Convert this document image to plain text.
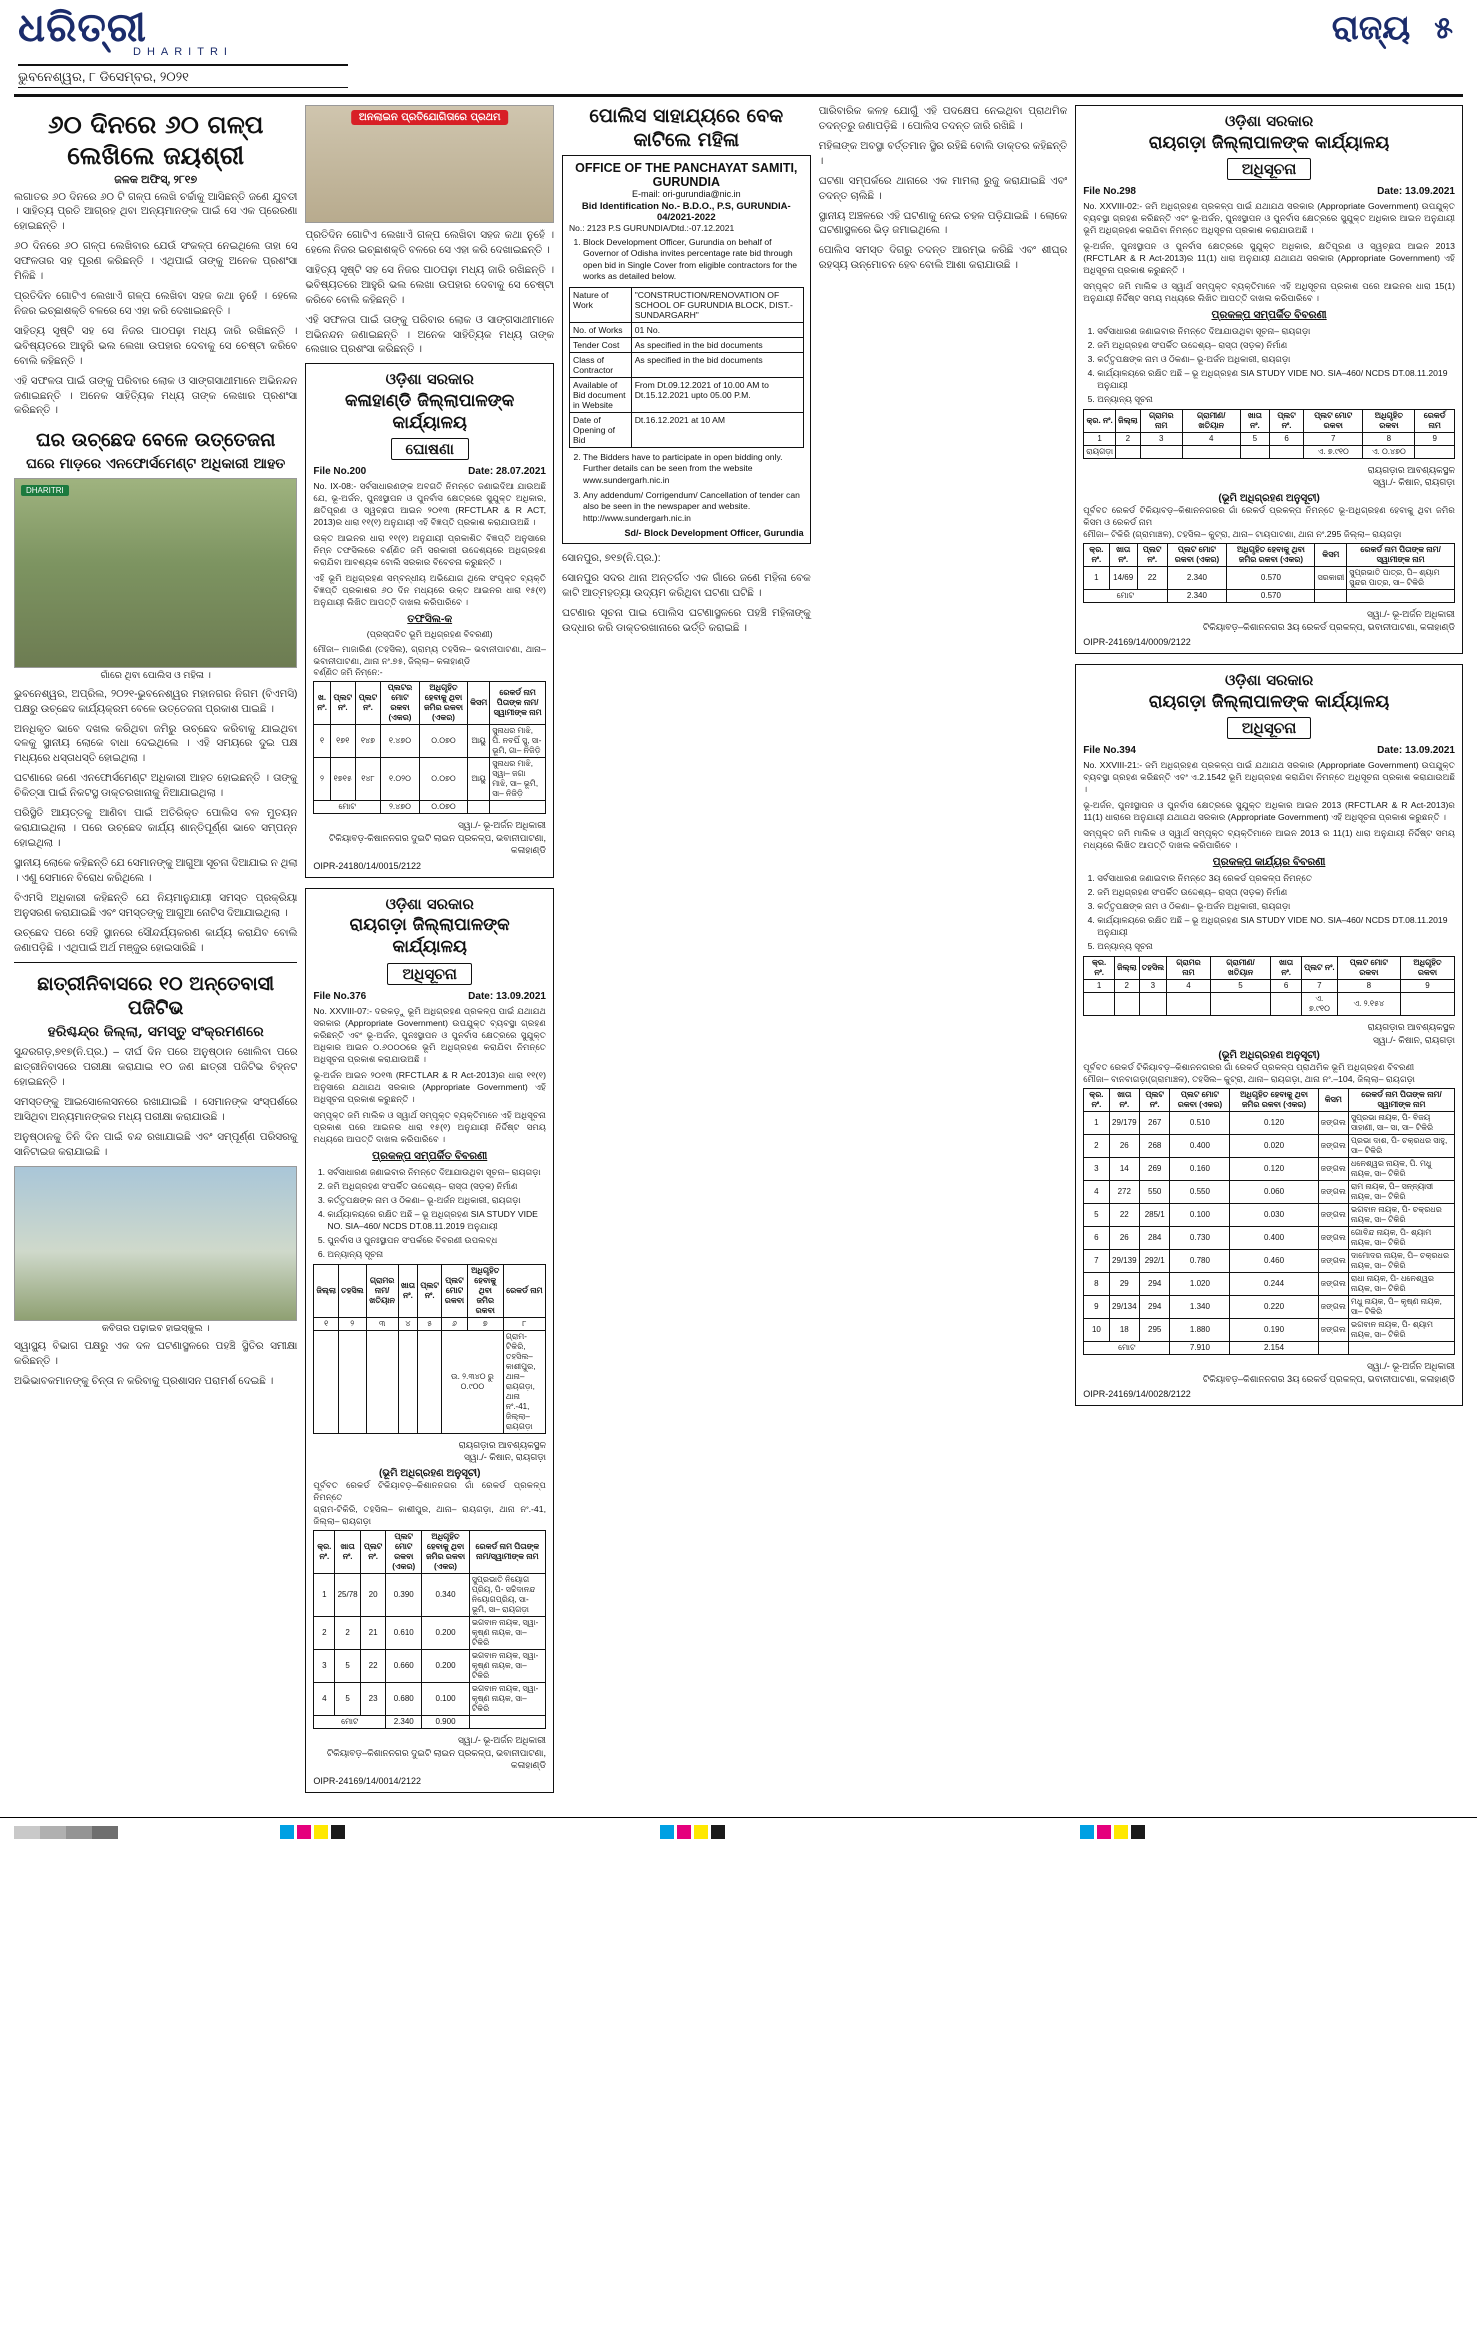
ଧରିତ୍ରୀ
DHARITRI
ଭୁବନେଶ୍ୱର, ୮ ଡିସେମ୍ବର, ୨୦୨୧
ରାଜ୍ୟ ୫
୬୦ ଦିନରେ ୬୦ ଗଳ୍ପ ଲେଖିଲେ ଜୟଶ୍ରୀ
ଜଳକ ଅଫିସ୍, ୨୮୧୭

ଲଗାତର ୬୦ ଦିନରେ ୬୦ ଟି ଗଳ୍ପ ଲେଖି ଚର୍ଚ୍ଚାକୁ ଆସିଛନ୍ତି ଜଣେ ଯୁବତୀ । ସାହିତ୍ୟ ପ୍ରତି ଆଗ୍ରହ ଥିବା ଅନ୍ୟମାନଙ୍କ ପାଇଁ ସେ ଏକ ପ୍ରେରଣା ହୋଇଛନ୍ତି ।

୬୦ ଦିନରେ ୬୦ ଗଳ୍ପ ଲେଖିବାର ଯେଉଁ ସଂକଳ୍ପ ନେଇଥିଲେ ତାହା ସେ ସଫଳତାର ସହ ପୂରଣ କରିଛନ୍ତି । ଏଥିପାଇଁ ତାଙ୍କୁ ଅନେକ ପ୍ରଶଂସା ମିଳିଛି ।

ପ୍ରତିଦିନ ଗୋଟିଏ ଲେଖାଏଁ ଗଳ୍ପ ଲେଖିବା ସହଜ କଥା ନୁହେଁ । ହେଲେ ନିଜର ଇଚ୍ଛାଶକ୍ତି ବଳରେ ସେ ଏହା କରି ଦେଖାଇଛନ୍ତି ।

ସାହିତ୍ୟ ସୃଷ୍ଟି ସହ ସେ ନିଜର ପାଠପଢ଼ା ମଧ୍ୟ ଜାରି ରଖିଛନ୍ତି । ଭବିଷ୍ୟତରେ ଆହୁରି ଭଲ ଲେଖା ଉପହାର ଦେବାକୁ ସେ ଚେଷ୍ଟା କରିବେ ବୋଲି କହିଛନ୍ତି ।

ଏହି ସଫଳତା ପାଇଁ ତାଙ୍କୁ ପରିବାର ଲୋକ ଓ ସାଙ୍ଗସାଥୀମାନେ ଅଭିନନ୍ଦନ ଜଣାଇଛନ୍ତି । ଅନେକ ସାହିତ୍ୟିକ ମଧ୍ୟ ତାଙ୍କ ଲେଖାର ପ୍ରଶଂସା କରିଛନ୍ତି ।

ଘର ଉଚ୍ଛେଦ ବେଳେ ଉତ୍ତେଜନା
ଘରେ ମାଡ଼ରେ ଏନଫୋର୍ସମେଣ୍ଟ ଅଧିକାରୀ ଆହତ
DHARITRI
ଗାଁରେ ଥିବା ପୋଲିସ ଓ ମହିଳା ।

ଭୁବନେଶ୍ୱର, ଅପ୍ରିଲ, ୨୦୨୧-ଭୁବନେଶ୍ୱର ମହାନଗର ନିଗମ (ବିଏମସି) ପକ୍ଷରୁ ଉଚ୍ଛେଦ କାର୍ଯ୍ୟକ୍ରମ ବେଳେ ଉତ୍ତେଜନା ପ୍ରକାଶ ପାଇଛି ।

ଅନଧିକୃତ ଭାବେ ଦଖଲ କରିଥିବା ଜମିରୁ ଉଚ୍ଛେଦ କରିବାକୁ ଯାଇଥିବା ଦଳକୁ ସ୍ଥାନୀୟ ଲୋକେ ବାଧା ଦେଇଥିଲେ । ଏହି ସମୟରେ ଦୁଇ ପକ୍ଷ ମଧ୍ୟରେ ଧସ୍ତାଧସ୍ତି ହୋଇଥିଲା ।

ଘଟଣାରେ ଜଣେ ଏନଫୋର୍ସମେଣ୍ଟ ଅଧିକାରୀ ଆହତ ହୋଇଛନ୍ତି । ତାଙ୍କୁ ଚିକିତ୍ସା ପାଇଁ ନିକଟସ୍ଥ ଡାକ୍ତରଖାନାକୁ ନିଆଯାଇଥିଲା ।

ପରିସ୍ଥିତି ଆୟତ୍ତକୁ ଆଣିବା ପାଇଁ ଅତିରିକ୍ତ ପୋଲିସ ବଳ ମୁତୟନ କରାଯାଇଥିଲା । ପରେ ଉଚ୍ଛେଦ କାର୍ଯ୍ୟ ଶାନ୍ତିପୂର୍ଣ୍ଣ ଭାବେ ସମ୍ପନ୍ନ ହୋଇଥିଲା ।

ସ୍ଥାନୀୟ ଲୋକେ କହିଛନ୍ତି ଯେ ସେମାନଙ୍କୁ ଆଗୁଆ ସୂଚନା ଦିଆଯାଇ ନ ଥିଲା । ଏଣୁ ସେମାନେ ବିରୋଧ କରିଥିଲେ ।

ବିଏମସି ଅଧିକାରୀ କହିଛନ୍ତି ଯେ ନିୟମାନୁଯାୟୀ ସମସ୍ତ ପ୍ରକ୍ରିୟା ଅନୁସରଣ କରାଯାଇଛି ଏବଂ ସମସ୍ତଙ୍କୁ ଆଗୁଆ ନୋଟିସ ଦିଆଯାଇଥିଲା ।

ଉଚ୍ଛେଦ ପରେ ସେହି ସ୍ଥାନରେ ସୌନ୍ଦର୍ଯ୍ୟକରଣ କାର୍ଯ୍ୟ କରାଯିବ ବୋଲି ଜଣାପଡ଼ିଛି । ଏଥିପାଇଁ ଅର୍ଥ ମଞ୍ଜୁର ହୋଇସାରିଛି ।

ଛାତ୍ରୀନିବାସରେ ୧୦ ଅନ୍ତେବାସୀ ପଜିଟିଭ
ହରିଶ୍ଚନ୍ଦ୍ର ଜିଲ୍ଲା, ସମସ୍ତୁ ସଂକ୍ରମଣରେ

ସୁନ୍ଦରଗଡ଼,୭୧୭(ନି.ପ୍ର.) – ଦୀର୍ଘ ଦିନ ପରେ ଅନୁଷ୍ଠାନ ଖୋଲିବା ପରେ ଛାତ୍ରୀନିବାସରେ ପରୀକ୍ଷା କରାଯାଇ ୧୦ ଜଣ ଛାତ୍ରୀ ପଜିଟିଭ ଚିହ୍ନଟ ହୋଇଛନ୍ତି ।

ସମସ୍ତଙ୍କୁ ଆଇସୋଲେସନରେ ରଖାଯାଇଛି । ସେମାନଙ୍କ ସଂସ୍ପର୍ଶରେ ଆସିଥିବା ଅନ୍ୟମାନଙ୍କର ମଧ୍ୟ ପରୀକ୍ଷା କରାଯାଉଛି ।

ଅନୁଷ୍ଠାନକୁ ତିନି ଦିନ ପାଇଁ ବନ୍ଦ ରଖାଯାଇଛି ଏବଂ ସମ୍ପୂର୍ଣ୍ଣ ପରିସରକୁ ସାନିଟାଇଜ କରାଯାଇଛି ।

କବିତାର ପଢ଼ାଇବ ହାଇସ୍କୁଲ ।

ସ୍ୱାସ୍ଥ୍ୟ ବିଭାଗ ପକ୍ଷରୁ ଏକ ଦଳ ଘଟଣାସ୍ଥଳରେ ପହଞ୍ଚି ସ୍ଥିତିର ସମୀକ୍ଷା କରିଛନ୍ତି ।

ଅଭିଭାବକମାନଙ୍କୁ ଚିନ୍ତା ନ କରିବାକୁ ପ୍ରଶାସନ ପରାମର୍ଶ ଦେଇଛି ।

ଅନଲାଇନ ପ୍ରତିଯୋଗିତାରେ ପ୍ରଥମ

ପ୍ରତିଦିନ ଗୋଟିଏ ଲେଖାଏଁ ଗଳ୍ପ ଲେଖିବା ସହଜ କଥା ନୁହେଁ । ହେଲେ ନିଜର ଇଚ୍ଛାଶକ୍ତି ବଳରେ ସେ ଏହା କରି ଦେଖାଇଛନ୍ତି ।

ସାହିତ୍ୟ ସୃଷ୍ଟି ସହ ସେ ନିଜର ପାଠପଢ଼ା ମଧ୍ୟ ଜାରି ରଖିଛନ୍ତି । ଭବିଷ୍ୟତରେ ଆହୁରି ଭଲ ଲେଖା ଉପହାର ଦେବାକୁ ସେ ଚେଷ୍ଟା କରିବେ ବୋଲି କହିଛନ୍ତି ।

ଏହି ସଫଳତା ପାଇଁ ତାଙ୍କୁ ପରିବାର ଲୋକ ଓ ସାଙ୍ଗସାଥୀମାନେ ଅଭିନନ୍ଦନ ଜଣାଇଛନ୍ତି । ଅନେକ ସାହିତ୍ୟିକ ମଧ୍ୟ ତାଙ୍କ ଲେଖାର ପ୍ରଶଂସା କରିଛନ୍ତି ।

ଓଡ଼ିଶା ସରକାର
କଳାହାଣ୍ଡି ଜିଲ୍ଲାପାଳଙ୍କ କାର୍ଯ୍ୟାଳୟ
ଘୋଷଣା
File No.200	Date: 28.07.2021

No. IX-08:- ସର୍ବସାଧାରଣଙ୍କ ଅବଗତି ନିମନ୍ତେ ଜଣାଇଦିଆ ଯାଉଅଛି ଯେ, ଭୂ-ଅର୍ଜନ, ପୁନଃସ୍ଥାପନ ଓ ପୁନର୍ବାସ କ୍ଷେତ୍ରରେ ସୁଯୁକ୍ତ ଅଧିକାର, କ୍ଷତିପୂରଣ ଓ ସ୍ୱଚ୍ଛତା ଆଇନ ୨୦୧୩ (RFCTLAR & R ACT, 2013)ର ଧାରା ୧୧(୧) ଅନୁଯାୟୀ ଏହି ବିଜ୍ଞପ୍ତି ପ୍ରକାଶ କରାଯାଉଅଛି ।

ଉକ୍ତ ଆଇନର ଧାରା ୧୧(୧) ଅନୁଯାୟୀ ପ୍ରକାଶିତ ବିଜ୍ଞପ୍ତି ଅନୁସାରେ ନିମ୍ନ ତଫସିଲରେ ବର୍ଣ୍ଣିତ ଜମି ସରକାରୀ ଉଦ୍ଦେଶ୍ୟରେ ଅଧିଗ୍ରହଣ କରାଯିବା ଆବଶ୍ୟକ ବୋଲି ସରକାର ବିବେଚନା କରୁଛନ୍ତି ।

ଏହି ଭୂମି ଅଧିଗ୍ରହଣ ସମ୍ବନ୍ଧୀୟ ଅଭିଯୋଗ ଥିଲେ ସଂପୃକ୍ତ ବ୍ୟକ୍ତି ବିଜ୍ଞପ୍ତି ପ୍ରକାଶର ୬୦ ଦିନ ମଧ୍ୟରେ ଉକ୍ତ ଆଇନର ଧାରା ୧୫(୧) ଅନୁଯାୟୀ ଲିଖିତ ଆପତ୍ତି ଦାଖଲ କରିପାରିବେ ।

ତଫସିଲ-କ
(ପ୍ରସ୍ତାବିତ ଭୂମି ଅଧିଗ୍ରହଣ ବିବରଣୀ)
ମୌଜା– ମାଜାରିଣ (ତହସିଲ), ଗ୍ରାମ୍ୟ ତହସିଲ– ଭବାନୀପାଟଣା, ଥାନା– ଭବାନୀପାଟଣା, ଥାନା ନଂ.୭୫, ଜିଲ୍ଲା– କଳାହାଣ୍ଡି
ବର୍ଣ୍ଣିତ ଜମି ନିମ୍ନେ:-
ଖ. ନଂ.	ପ୍ଲଟ ନଂ.	ପ୍ଲଟ ନଂ.	ପ୍ଲଟର ମୋଟ ରକବା (ଏକର)	ଅଧିଗୃହିତ ହେବାକୁ ଥିବା ଜମିର ରକବା (ଏକର)	କିସମ	ରେକର୍ଡ ନାମ ପିତାଙ୍କ ନାମ/ସ୍ୱାମୀଙ୍କ ନାମ
୧	୧୭୧	୧୪୭	୧.୪୭୦	୦.୦୭୦	ଆୟୁ	ସୁନାଧର ମାଝି, ପି. ନବଘିଁ ସୁ, ସା- ଭୂମି, ଗା– ନିଜିଡ଼ି
୨	୧୭୧୫	୧୪୮	୧.୦୨୦	୦.୦୭୦	ଆୟୁ	ସୁନାଧର ମାଝି, ସ୍ୱା– ଜଗା ମାଝି, ସା– ଭୂମି, ସା– ନିଜିଡ଼ି
ମୋଟ			୨.୪୭୦	୦.୦୭୦		
ସ୍ୱା./- ଭୂ-ଅର୍ଜନ ଅଧିକାରୀ
ଟିକିୟାବଡ଼-କିଷାନନଗର ଦୁଇଟି ଲାଇନ ପ୍ରକଳ୍ପ, ଭବାନୀପାଟଣା, କଳାହାଣ୍ଡି
OIPR-24180/14/0015/2122
ଓଡ଼ିଶା ସରକାର
ରାୟଗଡ଼ା ଜିଲ୍ଲାପାଳଙ୍କ କାର୍ଯ୍ୟାଳୟ
ଅଧିସୂଚନା
File No.376	Date: 13.09.2021

No. XXVIII-07:- ଦରକଡ଼ୁ ଭୂମି ଅଧିଗ୍ରହଣ ପ୍ରକଳ୍ପ ପାଇଁ ଯଥାଯଥ ସରକାର (Appropriate Government) ଉପଯୁକ୍ତ ବ୍ୟବସ୍ଥା ଗ୍ରହଣ କରିଛନ୍ତି ଏବଂ ଭୂ-ଅର୍ଜନ, ପୁନଃସ୍ଥାପନ ଓ ପୁନର୍ବାସ କ୍ଷେତ୍ରରେ ସୁଯୁକ୍ତ ଅଧିକାର ଆଇନ ୦.୬୦୦୦ରେ ଭୂମି ଅଧିଗ୍ରହଣ କରାଯିବା ନିମନ୍ତେ ଅଧିସୂଚନା ପ୍ରକାଶ କରାଯାଉଅଛି ।

ଭୂ-ଅର୍ଜନ ଆଇନ ୨୦୧୩ (RFCTLAR & R Act-2013)ର ଧାରା ୧୧(୧) ଅନୁସାରେ ଯଥାଯଥ ସରକାର (Appropriate Government) ଏହି ଅଧିସୂଚନା ପ୍ରକାଶ କରୁଛନ୍ତି ।

ସମ୍ପୃକ୍ତ ଜମି ମାଲିକ ଓ ସ୍ୱାର୍ଥ ସମ୍ପୃକ୍ତ ବ୍ୟକ୍ତିମାନେ ଏହି ଅଧିସୂଚନା ପ୍ରକାଶ ପରେ ଆଇନର ଧାରା ୧୫(୧) ଅନୁଯାୟୀ ନିର୍ଦ୍ଦିଷ୍ଟ ସମୟ ମଧ୍ୟରେ ଆପତ୍ତି ଦାଖଲ କରିପାରିବେ ।

ପ୍ରକଳ୍ପ ସମ୍ପର୍କିତ ବିବରଣୀ
1. ସର୍ବସାଧାରଣ ଜଣାଇବାର ନିମନ୍ତେ ଦିଆଯାଉଥିବା ସୂଚନା– ରାୟଗଡ଼ା
2. ଜମି ଅଧିଗ୍ରହଣ ସଂପର୍କିତ ଉଦ୍ଦେଶ୍ୟ– ରାସ୍ତା (ସଡ଼କ) ନିର୍ମାଣ
3. କର୍ତ୍ତୃପକ୍ଷଙ୍କ ନାମ ଓ ଠିକଣା– ଭୂ-ଅର୍ଜନ ଅଧିକାରୀ, ରାୟଗଡ଼ା
4. କାର୍ଯ୍ୟାଳୟରେ ରକ୍ଷିତ ଅଛି – ଭୂ ଅଧିଗ୍ରହଣ SIA STUDY VIDE NO. SIA–460/ NCDS DT.08.11.2019 ଅନୁଯାୟୀ
5. ପୁନର୍ବାସ ଓ ପୁନଃସ୍ଥାପନ ସଂପର୍କରେ ବିବରଣୀ ଉପଲବ୍ଧ
6. ଅନ୍ୟାନ୍ୟ ସୂଚନା
ଜିଲ୍ଲା	ତହସିଲ	ଗ୍ରାମର ନାମ/ ଖତିୟାନ	ଖାତା ନଂ.	ପ୍ଲଟ ନଂ.	ପ୍ଲଟ ମୋଟ ରକବା	ଅଧିଗୃହିତ ହେବାକୁ ଥିବା ଜମିର ରକବା	ରେକର୍ଡ ନାମ
୧	୨	୩	୪	୫	୬	୭	୮
					ଉ. ୨.୩୪୦ ରୁ ୦.୯୦୦		ଗ୍ରାମ-ଟିକିରି, ତହସିଲ– କାଶୀପୁର, ଥାନା– ରାୟଗଡ଼ା, ଥାନା ନଂ.-41, ଜିଲ୍ଲା– ରାୟଗଡ଼ା
ରାୟଗଡ଼ାର ଆବଶ୍ୟକସ୍ଥଳ
ସ୍ୱା./- କିଷାନ, ରାୟଗଡ଼ା
(ଭୂମି ଅଧିଗ୍ରହଣ ଅନୁସୂଚୀ)
ପୂର୍ବବତ ରେକର୍ଡ ଟିକିୟାବଡ଼–କିଶାନନଗର ଗାଁ ରେକର୍ଡ ପ୍ରକଳ୍ପ ନିମନ୍ତେ
ଗ୍ରାମ-ଟିକିରି, ତହସିଲ– କାଶୀପୁର, ଥାନା– ରାୟଗଡ଼ା, ଥାନା ନଂ.-41, ଜିଲ୍ଲା– ରାୟଗଡ଼ା
କ୍ର. ନଂ.	ଖାତା ନଂ.	ପ୍ଲଟ ନଂ.	ପ୍ଲଟ ମୋଟ ରକବା (ଏକର)	ଅଧିଗୃହିତ ହେବାକୁ ଥିବା ଜମିର ରକବା (ଏକର)	ରେକର୍ଡ ନାମ ପିତାଙ୍କ ନାମ/ସ୍ୱାମୀଙ୍କ ନାମ
1	25/78	20	0.390	0.340	ସୁପ୍ରଭାତି ନିୟୋଗ ପ୍ରିୟ, ପି- ସଚ୍ଚିଦାନନ୍ଦ ନିୟୋଗପ୍ରିୟ, ସା- ଭୂମି, ସା– ରାୟଗଡ଼ା
2	2	21	0.610	0.200	ଭଗବାନ ନାୟକ, ସ୍ୱା- କୃଷ୍ଣ ନାୟକ, ସା– ଟିକିରି
3	5	22	0.660	0.200	ଭଗବାନ ନାୟକ, ସ୍ୱା- କୃଷ୍ଣ ନାୟକ, ସା– ଟିକିରି
4	5	23	0.680	0.100	ଭଗବାନ ନାୟକ, ସ୍ୱା- କୃଷ୍ଣ ନାୟକ, ସା– ଟିକିରି
ମୋଟ			2.340	0.900	
ସ୍ୱା./- ଭୂ-ଅର୍ଜନ ଅଧିକାରୀ
ଟିକିୟାବଡ଼–କିଶାନନଗର ଦୁଇଟି ଲାଇନ ପ୍ରକଳ୍ପ, ଭବାନୀପାଟଣା, କଳାହାଣ୍ଡି
OIPR-24169/14/0014/2122
ପୋଲିସ ସାହାଯ୍ୟରେ ବେକ କାଟିଲେ ମହିଳା
OFFICE OF THE PANCHAYAT SAMITI, GURUNDIA
E-mail: ori-gurundia@nic.in
Bid Identification No.- B.D.O., P.S, GURUNDIA-04/2021-2022
No.: 2123 P.S GURUNDIA/Dtd.:-07.12.2021
1. Block Development Officer, Gurundia on behalf of Governor of Odisha invites percentage rate bid through open bid in Single Cover from eligible contractors for the works as detailed below.
Nature of Work	"CONSTRUCTION/RENOVATION OF SCHOOL OF GURUNDIA BLOCK, DIST.- SUNDARGARH"
No. of Works	01 No.
Tender Cost	As specified in the bid documents
Class of Contractor	As specified in the bid documents
Available of Bid document in Website	From Dt.09.12.2021 of 10.00 AM to Dt.15.12.2021 upto 05.00 P.M.
Date of Opening of Bid	Dt.16.12.2021 at 10 AM
2. The Bidders have to participate in open bidding only. Further details can be seen from the website www.sundergarh.nic.in
3. Any addendum/ Corrigendum/ Cancellation of tender can also be seen in the newspaper and website. http://www.sundergarh.nic.in
Sd/- Block Development Officer, Gurundia

ସୋନପୁର, ୭୧୭(ନି.ପ୍ର.):

ସୋନପୁର ସଦର ଥାନା ଅନ୍ତର୍ଗତ ଏକ ଗାଁରେ ଜଣେ ମହିଳା ବେକ କାଟି ଆତ୍ମହତ୍ୟା ଉଦ୍ୟମ କରିଥିବା ଘଟଣା ଘଟିଛି ।

ଘଟଣାର ସୂଚନା ପାଇ ପୋଲିସ ଘଟଣାସ୍ଥଳରେ ପହଞ୍ଚି ମହିଳାଙ୍କୁ ଉଦ୍ଧାର କରି ଡାକ୍ତରଖାନାରେ ଭର୍ତ୍ତି କରାଇଛି ।

ପାରିବାରିକ କଳହ ଯୋଗୁଁ ଏହି ପଦକ୍ଷେପ ନେଇଥିବା ପ୍ରାଥମିକ ତଦନ୍ତରୁ ଜଣାପଡ଼ିଛି । ପୋଲିସ ତଦନ୍ତ ଜାରି ରଖିଛି ।

ମହିଳାଙ୍କ ଅବସ୍ଥା ବର୍ତ୍ତମାନ ସ୍ଥିର ରହିଛି ବୋଲି ଡାକ୍ତର କହିଛନ୍ତି ।

ଘଟଣା ସମ୍ପର୍କରେ ଥାନାରେ ଏକ ମାମଲା ରୁଜୁ କରାଯାଇଛି ଏବଂ ତଦନ୍ତ ଚାଲିଛି ।

ସ୍ଥାନୀୟ ଅଞ୍ଚଳରେ ଏହି ଘଟଣାକୁ ନେଇ ଚହଳ ପଡ଼ିଯାଇଛି । ଲୋକେ ଘଟଣାସ୍ଥଳରେ ଭିଡ଼ ଜମାଇଥିଲେ ।

ପୋଲିସ ସମସ୍ତ ଦିଗରୁ ତଦନ୍ତ ଆରମ୍ଭ କରିଛି ଏବଂ ଶୀଘ୍ର ରହସ୍ୟ ଉନ୍ମୋଚନ ହେବ ବୋଲି ଆଶା କରାଯାଉଛି ।

ଓଡ଼ିଶା ସରକାର
ରାୟଗଡ଼ା ଜିଲ୍ଲାପାଳଙ୍କ କାର୍ଯ୍ୟାଳୟ
ଅଧିସୂଚନା
File No.298	Date: 13.09.2021

No. XXVIII-02:- ଜମି ଅଧିଗ୍ରହଣ ପ୍ରକଳ୍ପ ପାଇଁ ଯଥାଯଥ ସରକାର (Appropriate Government) ଉପଯୁକ୍ତ ବ୍ୟବସ୍ଥା ଗ୍ରହଣ କରିଛନ୍ତି ଏବଂ ଭୂ-ଅର୍ଜନ, ପୁନଃସ୍ଥାପନ ଓ ପୁନର୍ବାସ କ୍ଷେତ୍ରରେ ସୁଯୁକ୍ତ ଅଧିକାର ଆଇନ ଅନୁଯାୟୀ ଭୂମି ଅଧିଗ୍ରହଣ କରାଯିବା ନିମନ୍ତେ ଅଧିସୂଚନା ପ୍ରକାଶ କରାଯାଉଅଛି ।

ଭୂ-ଅର୍ଜନ, ପୁନଃସ୍ଥାପନ ଓ ପୁନର୍ବାସ କ୍ଷେତ୍ରରେ ସୁଯୁକ୍ତ ଅଧିକାର, କ୍ଷତିପୂରଣ ଓ ସ୍ୱଚ୍ଛତା ଆଇନ 2013 (RFCTLAR & R Act-2013)ର 11(1) ଧାରା ଅନୁଯାୟୀ ଯଥାଯଥ ସରକାର (Appropriate Government) ଏହି ଅଧିସୂଚନା ପ୍ରକାଶ କରୁଛନ୍ତି ।

ସମ୍ପୃକ୍ତ ଜମି ମାଲିକ ଓ ସ୍ୱାର୍ଥ ସମ୍ପୃକ୍ତ ବ୍ୟକ୍ତିମାନେ ଏହି ଅଧିସୂଚନା ପ୍ରକାଶ ପରେ ଆଇନର ଧାରା 15(1) ଅନୁଯାୟୀ ନିର୍ଦ୍ଦିଷ୍ଟ ସମୟ ମଧ୍ୟରେ ଲିଖିତ ଆପତ୍ତି ଦାଖଲ କରିପାରିବେ ।

ପ୍ରକଳ୍ପ ସମ୍ପର୍କିତ ବିବରଣୀ
1. ସର୍ବସାଧାରଣ ଜଣାଇବାର ନିମନ୍ତେ ଦିଆଯାଉଥିବା ସୂଚନା– ରାୟଗଡ଼ା
2. ଜମି ଅଧିଗ୍ରହଣ ସଂପର୍କିତ ଉଦ୍ଦେଶ୍ୟ– ରାସ୍ତା (ସଡ଼କ) ନିର୍ମାଣ
3. କର୍ତ୍ତୃପକ୍ଷଙ୍କ ନାମ ଓ ଠିକଣା– ଭୂ-ଅର୍ଜନ ଅଧିକାରୀ, ରାୟଗଡ଼ା
4. କାର୍ଯ୍ୟାଳୟରେ ରକ୍ଷିତ ଅଛି – ଭୂ ଅଧିଗ୍ରହଣ SIA STUDY VIDE NO. SIA–460/ NCDS DT.08.11.2019 ଅନୁଯାୟୀ
5. ଅନ୍ୟାନ୍ୟ ସୂଚନା
କ୍ର. ନଂ.	ଜିଲ୍ଲା	ଗ୍ରାମର ନାମ	ଗ୍ରାମୀଣ/ ଖତିୟାନ	ଖାତା ନଂ.	ପ୍ଲଟ ନଂ.	ପ୍ଲଟ ମୋଟ ରକବା	ଅଧିଗୃହିତ ରକବା	ରେକର୍ଡ ନାମ
1	2	3	4	5	6	7	8	9
ରାୟଗଡ଼ା						ଏ. ୭.୯୧୦	ଏ. ୦.୪୭୦	
ରାୟଗଡ଼ାର ଆବଶ୍ୟକସ୍ଥଳ
ସ୍ୱା./- କିଷାନ, ରାୟଗଡ଼ା
(ଭୂମି ଅଧିଗ୍ରହଣ ଅନୁସୂଚୀ)
ପୂର୍ବବତ ରେକର୍ଡ ଟିକିୟାବଡ଼–କିଶାନନଗରର ଗାଁ ରେକର୍ଡ ପ୍ରକଳ୍ପ ନିମନ୍ତେ ଭୂ-ଅଧିଗ୍ରହଣ ହେବାକୁ ଥିବା ଜମିର କିସମ ଓ ରେକର୍ଡ ନାମ
ମୌଜା– ଟିକିରି (ଗ୍ରାମାଞ୍ଚଳ), ତହସିଲ– କୁଟ୍ରା, ଥାନା– ଟାୟପାଟଣା, ଥାନା ନଂ.295 ଜିଲ୍ଲା– ରାୟଗଡ଼ା
କ୍ର. ନଂ.	ଖାତା ନଂ.	ପ୍ଲଟ ନଂ.	ପ୍ଲଟ ମୋଟ ରକବା (ଏକର)	ଅଧିଗୃହିତ ହେବାକୁ ଥିବା ଜମିର ରକବା (ଏକର)	କିସମ	ରେକର୍ଡ ନାମ ପିତାଙ୍କ ନାମ/ସ୍ୱାମୀଙ୍କ ନାମ
1	14/69	22	2.340	0.570	ସରକାରୀ	ସୁପ୍ରଭାତି ପାତ୍ର, ପି– ଶ୍ୟାମ ସୁନ୍ଦର ପାତ୍ର, ସା– ଟିକିରି
ମୋଟ			2.340	0.570		
ସ୍ୱା./- ଭୂ-ଅର୍ଜନ ଅଧିକାରୀ
ଟିକିୟାବଡ଼–କିଶାନନଗର 3ୟ ରେକର୍ଡ ପ୍ରକଳ୍ପ, ଭବାନୀପାଟଣା, କଳାହାଣ୍ଡି
OIPR-24169/14/0009/2122
ଓଡ଼ିଶା ସରକାର
ରାୟଗଡ଼ା ଜିଲ୍ଲାପାଳଙ୍କ କାର୍ଯ୍ୟାଳୟ
ଅଧିସୂଚନା
File No.394	Date: 13.09.2021

No. XXVIII-21:- ଜମି ଅଧିଗ୍ରହଣ ପ୍ରକଳ୍ପ ପାଇଁ ଯଥାଯଥ ସରକାର (Appropriate Government) ଉପଯୁକ୍ତ ବ୍ୟବସ୍ଥା ଗ୍ରହଣ କରିଛନ୍ତି ଏବଂ ଏ.2.1542 ଭୂମି ଅଧିଗ୍ରହଣ କରାଯିବା ନିମନ୍ତେ ଅଧିସୂଚନା ପ୍ରକାଶ କରାଯାଉଅଛି ।

ଭୂ-ଅର୍ଜନ, ପୁନଃସ୍ଥାପନ ଓ ପୁନର୍ବାସ କ୍ଷେତ୍ରରେ ସୁଯୁକ୍ତ ଅଧିକାର ଆଇନ 2013 (RFCTLAR & R Act-2013)ର 11(1) ଧାରାରେ ଅନୁଯାୟୀ ଯଥାଯଥ ସରକାର (Appropriate Government) ଏହି ଅଧିସୂଚନା ପ୍ରକାଶ କରୁଛନ୍ତି ।

ସମ୍ପୃକ୍ତ ଜମି ମାଲିକ ଓ ସ୍ୱାର୍ଥ ସମ୍ପୃକ୍ତ ବ୍ୟକ୍ତିମାନେ ଆଇନ 2013 ର 11(1) ଧାରା ଅନୁଯାୟୀ ନିର୍ଦ୍ଦିଷ୍ଟ ସମୟ ମଧ୍ୟରେ ଲିଖିତ ଆପତ୍ତି ଦାଖଲ କରିପାରିବେ ।

ପ୍ରକଳ୍ପ କାର୍ଯ୍ୟର ବିବରଣୀ
1. ସର୍ବସାଧାରଣ ଜଣାଇବାର ନିମନ୍ତେ 3ୟ ରେକର୍ଡ ପ୍ରକଳ୍ପ ନିମନ୍ତେ
2. ଜମି ଅଧିଗ୍ରହଣ ସଂପର୍କିତ ଉଦ୍ଦେଶ୍ୟ– ରାସ୍ତା (ସଡ଼କ) ନିର୍ମାଣ
3. କର୍ତ୍ତୃପକ୍ଷଙ୍କ ନାମ ଓ ଠିକଣା– ଭୂ-ଅର୍ଜନ ଅଧିକାରୀ, ରାୟଗଡ଼ା
4. କାର୍ଯ୍ୟାଳୟରେ ରକ୍ଷିତ ଅଛି – ଭୂ ଅଧିଗ୍ରହଣ SIA STUDY VIDE NO. SIA–460/ NCDS DT.08.11.2019 ଅନୁଯାୟୀ
5. ଅନ୍ୟାନ୍ୟ ସୂଚନା
କ୍ର. ନଂ.	ଜିଲ୍ଲା	ତହସିଲ	ଗ୍ରାମର ନାମ	ଗ୍ରାମୀଣ/ ଖତିୟାନ	ଖାତା ନଂ.	ପ୍ଲଟ ନଂ.	ପ୍ଲଟ ମୋଟ ରକବା	ଅଧିଗୃହିତ ରକବା
1	2	3	4	5	6	7	8	9
						ଏ. ୭.୯୧୦	ଏ. ୨.୧୫୪	
ରାୟଗଡ଼ାର ଆବଶ୍ୟକସ୍ଥଳ
ସ୍ୱା./- କିଷାନ, ରାୟଗଡ଼ା
(ଭୂମି ଅଧିଗ୍ରହଣ ଅନୁସୂଚୀ)
ପୂର୍ବବତ ରେକର୍ଡ ଟିକିୟାବଡ଼–କିଶାନନଗରର ଗାଁ ରେକର୍ଡ ପ୍ରକଳ୍ପ ପ୍ରାଥମିକ ଭୂମି ଅଧିଗ୍ରହଣ ବିବରଣୀ
ମୌଜା– ବାନବାଗଡ଼ା(ଗ୍ରାମାଞ୍ଚଳ), ତହସିଲ– କୁଟ୍ରା, ଥାନା– ରାୟଗଡ଼ା, ଥାନା ନଂ.–104, ଜିଲ୍ଲା– ରାୟଗଡ଼ା
କ୍ର. ନଂ.	ଖାତା ନଂ.	ପ୍ଲଟ ନଂ.	ପ୍ଲଟ ମୋଟ ରକବା (ଏକର)	ଅଧିଗୃହିତ ହେବାକୁ ଥିବା ଜମିର ରକବା (ଏକର)	କିସମ	ରେକର୍ଡ ନାମ ପିତାଙ୍କ ନାମ/ସ୍ୱାମୀଙ୍କ ନାମ
1	29/179	267	0.510	0.120	ଜଙ୍ଗଲ	ସୁପ୍ରଭା ନାୟକ, ପି- ବିଜୟ ସାହାଣୀ, ସା– ସା, ସା– ଟିକିରି
2	26	268	0.400	0.020	ଜଙ୍ଗଲ	ପ୍ରଭା ଦାଶ, ପି- ଚକ୍ରଧର ସାହୁ, ସା– ଟିକିରି
3	14	269	0.160	0.120	ଜଙ୍ଗଲ	ଧନେଶ୍ୱର ନାୟକ, ପି. ମଧୁ ନାୟକ, ସା– ଟିକିରି
4	272	550	0.550	0.060	ଜଙ୍ଗଲ	ରାମ ନାୟକ, ପି– ସନ୍ନ୍ୟାସୀ ନାୟକ, ସା– ଟିକିରି
5	22	285/1	0.100	0.030	ଜଙ୍ଗଲ	ଭଗବାନ ନାୟକ, ପି- ଚକ୍ରଧର ନାୟକ, ସା– ଟିକିରି
6	26	284	0.730	0.400	ଜଙ୍ଗଲ	ଗୋବିନ୍ଦ ନାୟକ, ପି- ଶ୍ୟାମ ନାୟକ, ସା– ଟିକିରି
7	29/139	292/1	0.780	0.460	ଜଙ୍ଗଲ	ଦାମୋଦର ନାୟକ, ପି– ଚକ୍ରଧର ନାୟକ, ସା– ଟିକିରି
8	29	294	1.020	0.244	ଜଙ୍ଗଲ	ରାଧା ନାୟକ, ପି- ଧନେଶ୍ୱର ନାୟକ, ସା– ଟିକିରି
9	29/134	294	1.340	0.220	ଜଙ୍ଗଲ	ମଧୁ ନାୟକ, ପି– କୃଷ୍ଣ ନାୟକ, ସା– ଟିକିରି
10	18	295	1.880	0.190	ଜଙ୍ଗଲ	ଭଗବାନ ନାୟକ, ପି- ଶ୍ୟାମ ନାୟକ, ସା– ଟିକିରି
ମୋଟ			7.910	2.154		
ସ୍ୱା./- ଭୂ-ଅର୍ଜନ ଅଧିକାରୀ
ଟିକିୟାବଡ଼–କିଶାନନଗର 3ୟ ରେକର୍ଡ ପ୍ରକଳ୍ପ, ଭବାନୀପାଟଣା, କଳାହାଣ୍ଡି
OIPR-24169/14/0028/2122
